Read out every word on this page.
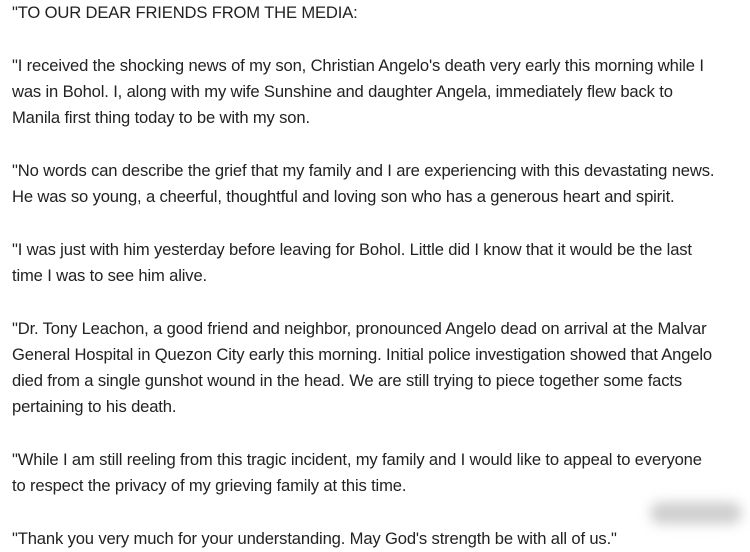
"TO OUR DEAR FRIENDS FROM THE MEDIA:

"I received the shocking news of my son, Christian Angelo's death very early this morning while I
was in Bohol. I, along with my wife Sunshine and daughter Angela, immediately flew back to
Manila first thing today to be with my son.

"No words can describe the grief that my family and I are experiencing with this devastating news.
He was so young, a cheerful, thoughtful and loving son who has a generous heart and spirit.

"I was just with him yesterday before leaving for Bohol. Little did I know that it would be the last
time I was to see him alive.

"Dr. Tony Leachon, a good friend and neighbor, pronounced Angelo dead on arrival at the Malvar
General Hospital in Quezon City early this morning. Initial police investigation showed that Angelo
died from a single gunshot wound in the head. We are still trying to piece together some facts
pertaining to his death.

"While I am still reeling from this tragic incident, my family and I would like to appeal to everyone
to respect the privacy of my grieving family at this time.

"Thank you very much for your understanding. May God's strength be with all of us."
